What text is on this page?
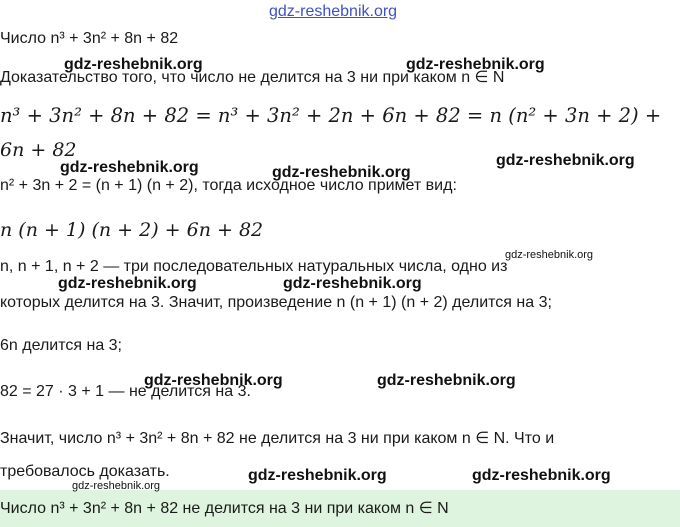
gdz-reshebnik.org
Число n³ + 3n² + 8n + 82
Доказательство того, что число не делится на 3 ни при каком n ∈ N
n³ + 3n² + 8n + 82 = n³ + 3n² + 2n + 6n + 82 = n (n² + 3n + 2) +
6n + 82
n² + 3n + 2 = (n + 1) (n + 2), тогда исходное число примет вид:
n (n + 1) (n + 2) + 6n + 82
n, n + 1, n + 2 — три последовательных натуральных числа, одно из
которых делится на 3. Значит, произведение n (n + 1) (n + 2) делится на 3;
6n делится на 3;
82 = 27 · 3 + 1 — не делится на 3.
Значит, число n³ + 3n² + 8n + 82 не делится на 3 ни при каком n ∈ N. Что и
требовалось доказать.
Число n³ + 3n² + 8n + 82 не делится на 3 ни при каком n ∈ N
gdz-reshebnik.org	gdz-reshebnik.org
gdz-reshebnik.org	gdz-reshebnik.org
gdz-reshebnik.org
gdz-reshebnik.org
gdz-reshebnik.org	gdz-reshebnik.org
gdz-reshebnik.org	gdz-reshebnik.org
gdz-reshebnik.org	gdz-reshebnik.org
gdz-reshebnik.org
